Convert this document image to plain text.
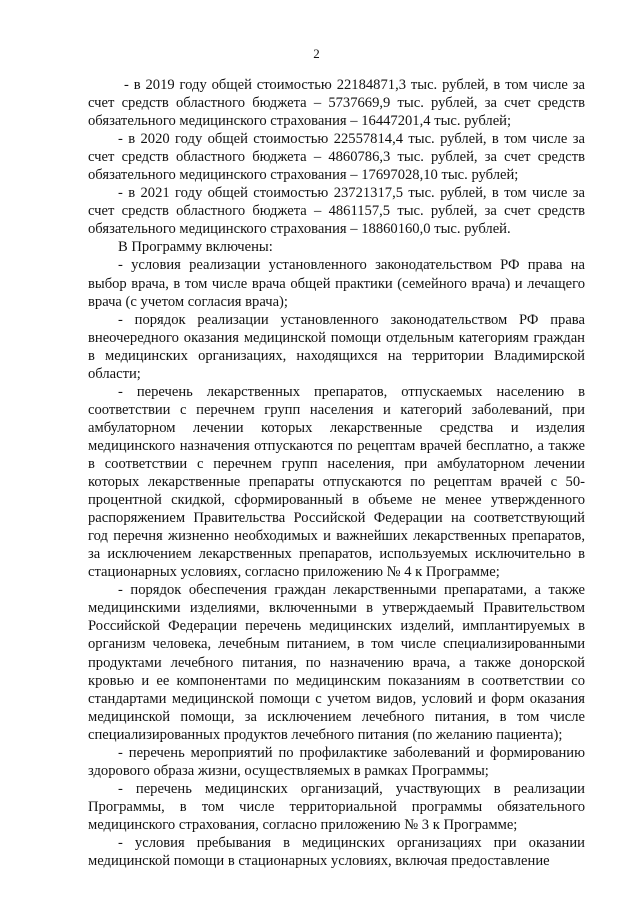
2

- в 2019 году общей стоимостью 22184871,3 тыс. рублей, в том числе за счет средств областного бюджета – 5737669,9 тыс. рублей, за счет средств обязательного медицинского страхования – 16447201,4 тыс. рублей;

- в 2020 году общей стоимостью 22557814,4 тыс. рублей, в том числе за счет средств областного бюджета – 4860786,3 тыс. рублей, за счет средств обязательного медицинского страхования – 17697028,10 тыс. рублей;

- в 2021 году общей стоимостью 23721317,5 тыс. рублей, в том числе за счет средств областного бюджета – 4861157,5 тыс. рублей, за счет средств обязательного медицинского страхования – 18860160,0 тыс. рублей.

В Программу включены:

- условия реализации установленного законодательством РФ права на выбор врача, в том числе врача общей практики (семейного врача) и лечащего врача (с учетом согласия врача);

- порядок реализации установленного законодательством РФ права внеочередного оказания медицинской помощи отдельным категориям граждан в медицинских организациях, находящихся на территории Владимирской области;

- перечень лекарственных препаратов, отпускаемых населению в соответствии с перечнем групп населения и категорий заболеваний, при амбулаторном лечении которых лекарственные средства и изделия медицинского назначения отпускаются по рецептам врачей бесплатно, а также в соответствии с перечнем групп населения, при амбулаторном лечении которых лекарственные препараты отпускаются по рецептам врачей с 50-процентной скидкой, сформированный в объеме не менее утвержденного распоряжением Правительства Российской Федерации на соответствующий год перечня жизненно необходимых и важнейших лекарственных препаратов, за исключением лекарственных препаратов, используемых исключительно в стационарных условиях, согласно приложению № 4 к Программе;

- порядок обеспечения граждан лекарственными препаратами, а также медицинскими изделиями, включенными в утверждаемый Правительством Российской Федерации перечень медицинских изделий, имплантируемых в организм человека, лечебным питанием, в том числе специализированными продуктами лечебного питания, по назначению врача, а также донорской кровью и ее компонентами по медицинским показаниям в соответствии со стандартами медицинской помощи с учетом видов, условий и форм оказания медицинской помощи, за исключением лечебного питания, в том числе специализированных продуктов лечебного питания (по желанию пациента);

- перечень мероприятий по профилактике заболеваний и формированию здорового образа жизни, осуществляемых в рамках Программы;

- перечень медицинских организаций, участвующих в реализации Программы, в том числе территориальной программы обязательного медицинского страхования, согласно приложению № 3 к Программе;

- условия пребывания в медицинских организациях при оказании медицинской помощи в стационарных условиях, включая предоставление
